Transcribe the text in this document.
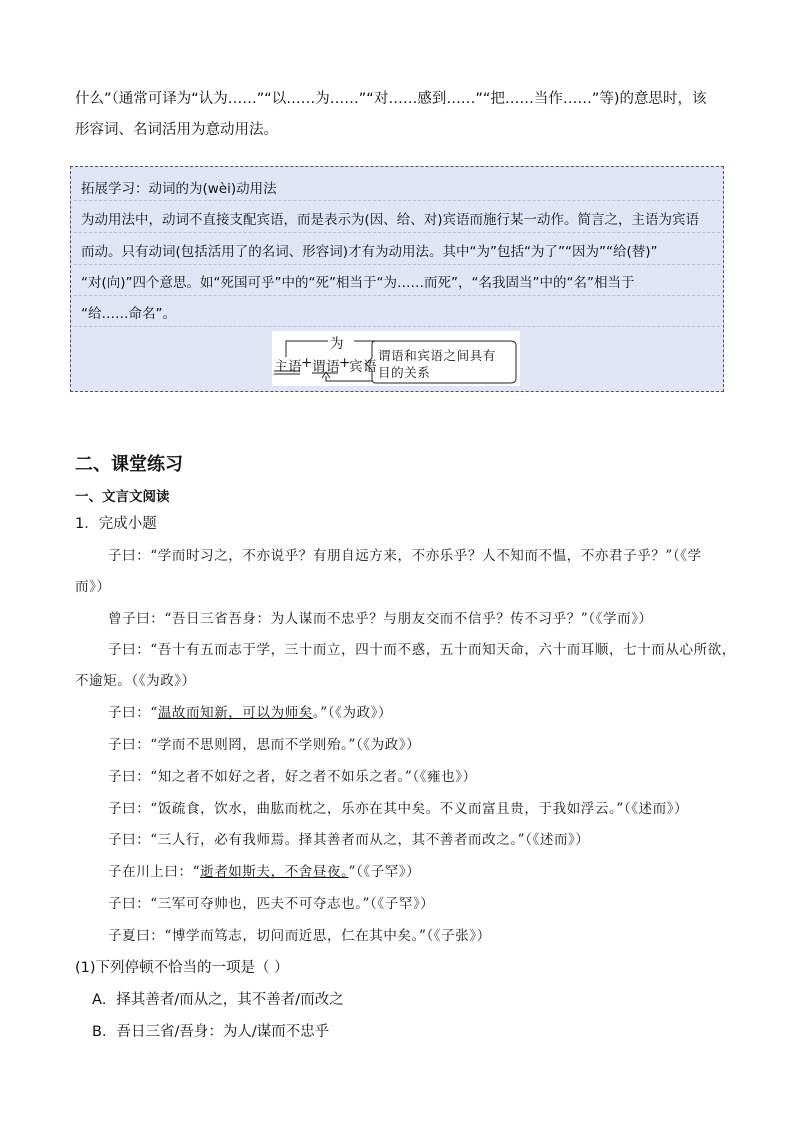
什么”（通常可译为“认为……”“以……为……”“对……感到……”“把……当作……”等)的意思时，该
形容词、名词活用为意动用法。
拓展学习：动词的为(wèi)动用法
为动用法中，动词不直接支配宾语，而是表示为(因、给、对)宾语而施行某一动作。简言之，主语为宾语
而动。只有动词(包括活用了的名词、形容词)才有为动用法。其中“为”包括“为了”“因为”“给(替)”
“对(向)”四个意思。如“死国可乎”中的“死”相当于“为……而死”，“名我固当”中的“名”相当于
“给……命名”。
为
主语
+ 谓语
+
宾语
谓语和宾语之间具有
目的关系
二、课堂练习
一、文言文阅读
1．完成小题
子曰：“学而时习之，不亦说乎？有朋自远方来，不亦乐乎？人不知而不愠，不亦君子乎？”（《学
而》）
曾子曰：“吾日三省吾身：为人谋而不忠乎？与朋友交而不信乎？传不习乎？”（《学而》）
子曰：“吾十有五而志于学，三十而立，四十而不惑，五十而知天命，六十而耳顺，七十而从心所欲，
不逾矩。（《为政》）
子曰：“温故而知新，可以为师矣。”（《为政》）
子曰：“学而不思则罔，思而不学则殆。”（《为政》）
子曰：“知之者不如好之者，好之者不如乐之者。”（《雍也》）
子曰：“饭疏食，饮水，曲肱而枕之，乐亦在其中矣。不义而富且贵，于我如浮云。”（《述而》）
子曰：“三人行，必有我师焉。择其善者而从之，其不善者而改之。”（《述而》）
子在川上曰：“逝者如斯夫，不舍昼夜。”（《子罕》）
子曰：“三军可夺帅也，匹夫不可夺志也。”（《子罕》）
子夏曰：“博学而笃志，切问而近思，仁在其中矣。”（《子张》）
(1)下列停顿不恰当的一项是（ ）
A．择其善者/而从之，其不善者/而改之
B．吾日三省/吾身：为人/谋而不忠乎
